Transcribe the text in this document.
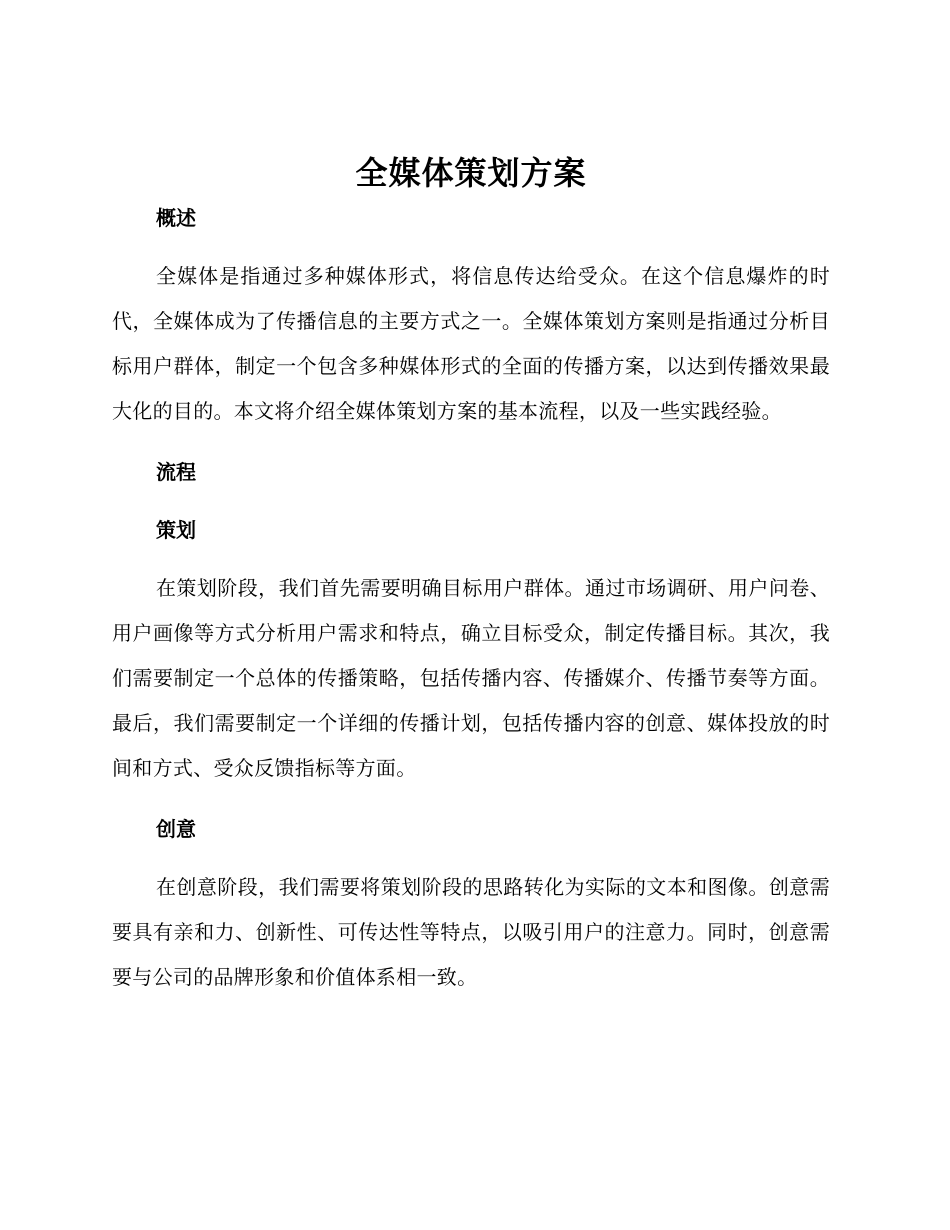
全媒体策划方案
概述

全媒体是指通过多种媒体形式，将信息传达给受众。在这个信息爆炸的时代，全媒体成为了传播信息的主要方式之一。全媒体策划方案则是指通过分析目标用户群体，制定一个包含多种媒体形式的全面的传播方案，以达到传播效果最大化的目的。本文将介绍全媒体策划方案的基本流程，以及一些实践经验。

流程
策划

在策划阶段，我们首先需要明确目标用户群体。通过市场调研、用户问卷、用户画像等方式分析用户需求和特点，确立目标受众，制定传播目标。其次，我们需要制定一个总体的传播策略，包括传播内容、传播媒介、传播节奏等方面。最后，我们需要制定一个详细的传播计划，包括传播内容的创意、媒体投放的时间和方式、受众反馈指标等方面。

创意

在创意阶段，我们需要将策划阶段的思路转化为实际的文本和图像。创意需要具有亲和力、创新性、可传达性等特点，以吸引用户的注意力。同时，创意需要与公司的品牌形象和价值体系相一致。
